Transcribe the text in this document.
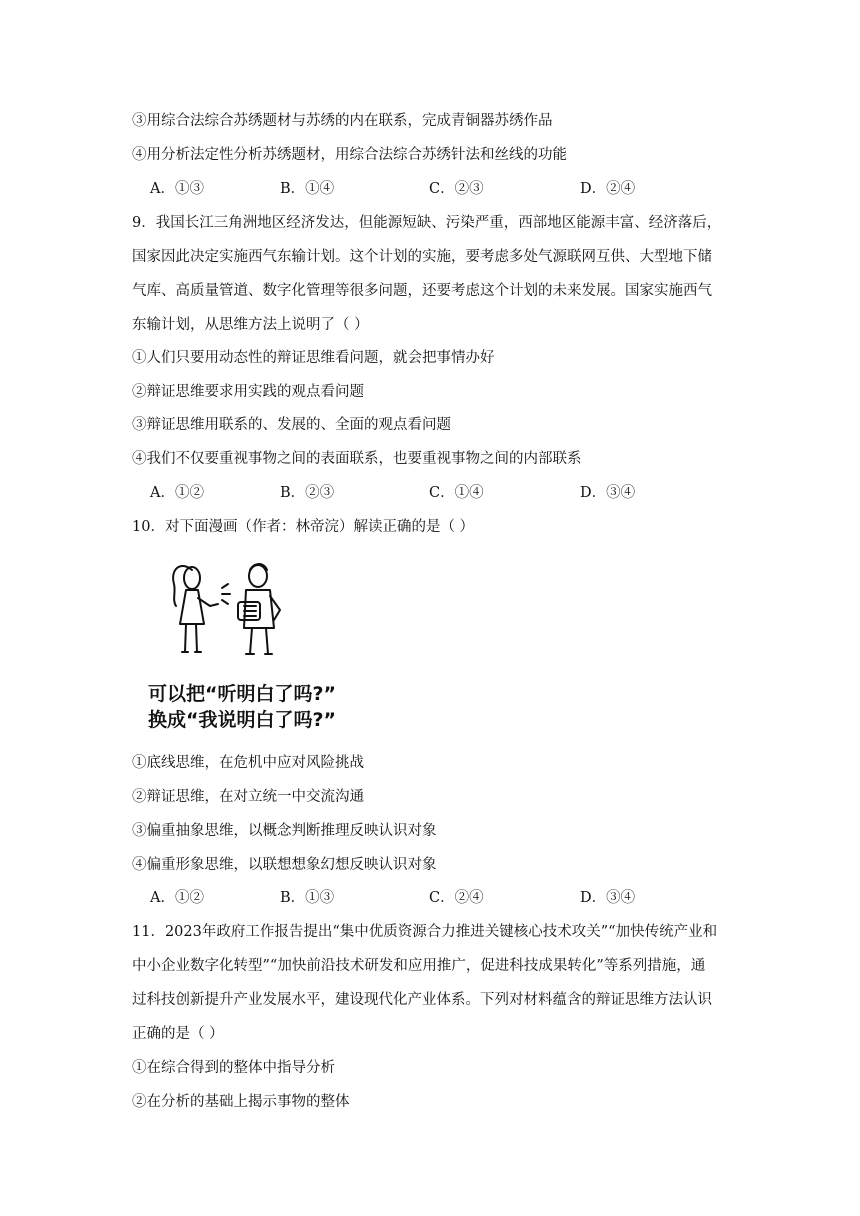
③用综合法综合苏绣题材与苏绣的内在联系，完成青铜器苏绣作品
④用分析法定性分析苏绣题材，用综合法综合苏绣针法和丝线的功能
A．①③	B．①④	C．②③	D．②④
9．我国长江三角洲地区经济发达，但能源短缺、污染严重，西部地区能源丰富、经济落后，
国家因此决定实施西气东输计划。这个计划的实施，要考虑多处气源联网互供、大型地下储
气库、高质量管道、数字化管理等很多问题，还要考虑这个计划的未来发展。国家实施西气
东输计划，从思维方法上说明了（ ）
①人们只要用动态性的辩证思维看问题，就会把事情办好
②辩证思维要求用实践的观点看问题
③辩证思维用联系的、发展的、全面的观点看问题
④我们不仅要重视事物之间的表面联系，也要重视事物之间的内部联系
A．①②	B．②③	C．①④	D．③④
10．对下面漫画（作者：林帝浣）解读正确的是（ ）
可以把“听明白了吗?”
换成“我说明白了吗?”
①底线思维，在危机中应对风险挑战
②辩证思维，在对立统一中交流沟通
③偏重抽象思维，以概念判断推理反映认识对象
④偏重形象思维，以联想想象幻想反映认识对象
A．①②	B．①③	C．②④	D．③④
11．2023年政府工作报告提出“集中优质资源合力推进关键核心技术攻关”“加快传统产业和
中小企业数字化转型”“加快前沿技术研发和应用推广，促进科技成果转化”等系列措施，通
过科技创新提升产业发展水平，建设现代化产业体系。下列对材料蕴含的辩证思维方法认识
正确的是（ ）
①在综合得到的整体中指导分析
②在分析的基础上揭示事物的整体
